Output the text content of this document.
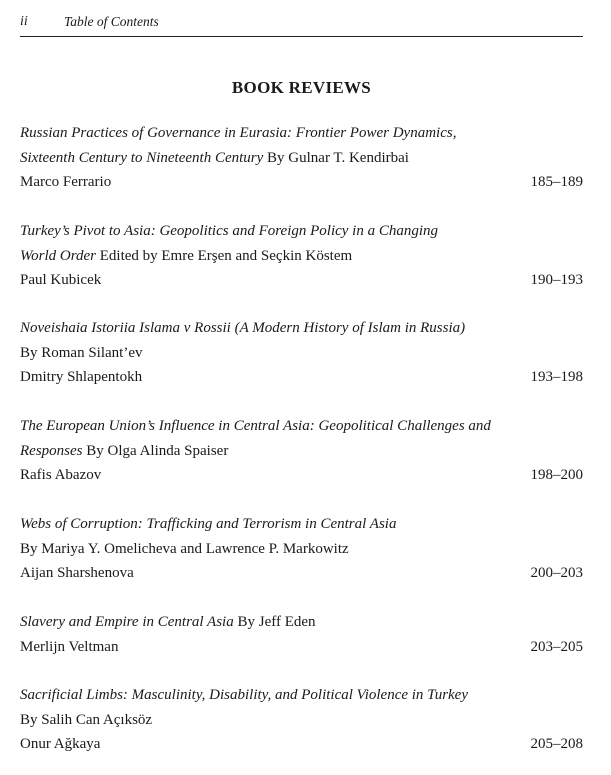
ii	Table of Contents
BOOK REVIEWS
Russian Practices of Governance in Eurasia: Frontier Power Dynamics,
Sixteenth Century to Nineteenth Century By Gulnar T. Kendirbai
Marco Ferrario	185–189
Turkey’s Pivot to Asia: Geopolitics and Foreign Policy in a Changing
World Order Edited by Emre Erşen and Seçkin Köstem
Paul Kubicek	190–193
Noveishaia Istoriia Islama v Rossii (A Modern History of Islam in Russia)
By Roman Silant’ev
Dmitry Shlapentokh	193–198
The European Union’s Influence in Central Asia: Geopolitical Challenges and
Responses By Olga Alinda Spaiser
Rafis Abazov	198–200
Webs of Corruption: Trafficking and Terrorism in Central Asia
By Mariya Y. Omelicheva and Lawrence P. Markowitz
Aijan Sharshenova	200–203
Slavery and Empire in Central Asia By Jeff Eden
Merlijn Veltman	203–205
Sacrificial Limbs: Masculinity, Disability, and Political Violence in Turkey
By Salih Can Açıksöz
Onur Ağkaya	205–208
